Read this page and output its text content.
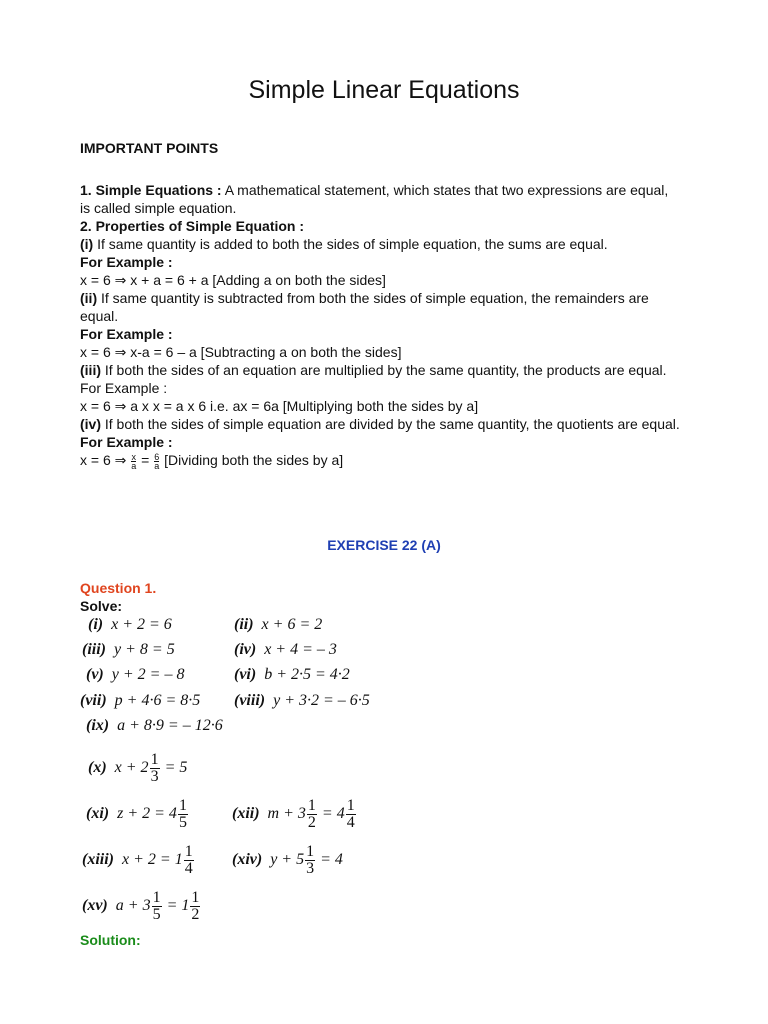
Simple Linear Equations
IMPORTANT POINTS

1. Simple Equations : A mathematical statement, which states that two expressions are equal, is called simple equation.

2. Properties of Simple Equation :

(i) If same quantity is added to both the sides of simple equation, the sums are equal.

For Example :

x = 6 ⇒ x + a = 6 + a [Adding a on both the sides]

(ii) If same quantity is subtracted from both the sides of simple equation, the remainders are equal.

For Example :

x = 6 ⇒ x-a = 6 – a [Subtracting a on both the sides]

(iii) If both the sides of an equation are multiplied by the same quantity, the products are equal.

For Example :

x = 6 ⇒ a x x = a x 6 i.e. ax = 6a [Multiplying both the sides by a]

(iv) If both the sides of simple equation are divided by the same quantity, the quotients are equal.

For Example :

x = 6 ⇒ $\frac{x}{a} = \frac{6}{a}$ [Dividing both the sides by a]

EXERCISE 22 (A)
Question 1.
Solve:
(i) x + 2 = 6	(ii) x + 6 = 2
(iii) y + 8 = 5	(iv) x + 4 = – 3
(v) y + 2 = – 8	(vi) b + 2·5 = 4·2
(vii) p + 4·6 = 8·5 (viii) y + 3·2 = – 6·5
(ix) a + 8·9 = – 12·6
(x) $x + 2 \frac{1}{3} = 5$
(xi) $z + 2 = 4 \frac{1}{5}$	(xii) $m + 3 \frac{1}{2} = 4 \frac{1}{4}$
(xiii) $x + 2 = 1 \frac{1}{4} (xiv) y + 5 \frac{1}{3} = 4$
(xv) $a + 3 \frac{1}{5} = 1 \frac{1}{2}$
Solution:
